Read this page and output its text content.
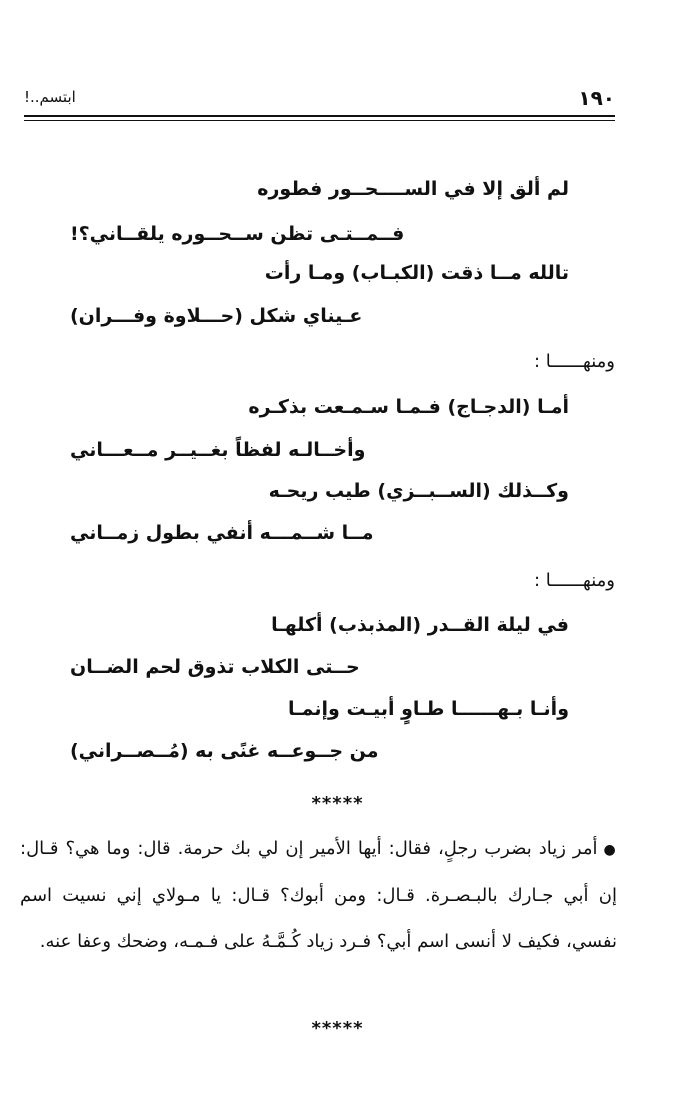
١٩٠
ابتسم..!
لم ألق إلا في الســــحــور فطوره
فــمــتـى تظن ســحــوره يلقــاني؟!
تالله مــا ذقت (الكبـاب) ومـا رأت
عـيناي شكل (حـــلاوة وفـــران)
ومنهــــــا :
أمـا (الدجـاج) فـمـا سـمـعت بذكـره
وأخــالـه لفظاً بغــيــر مــعـــاني
وكــذلك (الســبــزي) طيب ريحـه
مــا شــمـــه أنفي بطول زمــاني
ومنهــــــا :
في ليلة القــدر (المذبذب) أكلهـا
حــتى الكلاب تذوق لحم الضــان
وأنـا بـهــــــا طـاوٍ أبيـت وإنمـا
من جــوعــه غنًى به (مُــصــراني)
*****
●أمر زياد بضرب رجلٍ، فقال: أيها الأمير إن لي بك حرمة. قال: وما هي؟ قـال: إن أبي جـارك بالبـصـرة. قـال: ومن أبوك؟ قـال: يا مـولاي إني نسيت اسم نفسي، فكيف لا أنسى اسم أبي؟ فـرد زياد كُـمَّـهُ على فـمـه، وضحك وعفا عنه.
*****
